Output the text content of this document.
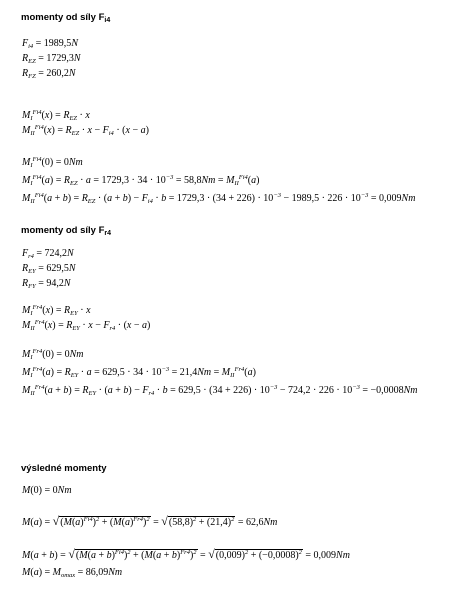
momenty od síly $F_{i4}$

$F_{i4} = 1989,5N$

$R_{EZ} = 1729,3N$

$R_{FZ} = 260,2N$

$M_I^{Fi4}(x) = R_{EZ} \cdot x$

$M_{II}^{Fi4}(x) = R_{EZ} \cdot x - F_{i4} \cdot (x - a)$

$M_I^{Fi4}(0) = 0Nm$

$M_I^{Fi4}(a) = R_{EZ} \cdot a = 1729,3 \cdot 34 \cdot 10^{-3} = 58,8Nm = M_{II}^{Fi4}(a)$

$M_{II}^{Fi4}(a + b) = R_{EZ} \cdot (a + b) - F_{i4} \cdot b = 1729,3 \cdot (34 + 226) \cdot 10^{-3} - 1989,5 \cdot 226 \cdot 10^{-3} = 0,009Nm$

momenty od síly $F_{r4}$

$F_{r4} = 724,2N$

$R_{EY} = 629,5N$

$R_{FY} = 94,2N$

$M_I^{Fr4}(x) = R_{EY} \cdot x$

$M_{II}^{Fr4}(x) = R_{EY} \cdot x - F_{r4} \cdot (x - a)$

$M_I^{Fr4}(0) = 0Nm$

$M_I^{Fr4}(a) = R_{EY} \cdot a = 629,5 \cdot 34 \cdot 10^{-3} = 21,4Nm = M_{II}^{Fr4}(a)$

$M_{II}^{Fr4}(a + b) = R_{EY} \cdot (a + b) - F_{r4} \cdot b = 629,5 \cdot (34 + 226) \cdot 10^{-3} - 724,2 \cdot 226 \cdot 10^{-3} = -0,0008Nm$

výsledné momenty

M(0) = 0Nm

$M(a) = √(M(a)^{Fi4})^2 + (M(a)^{Fr4})^2 = √(58,8)^2 + (21,4)^2 = 62,6Nm$

$M(a + b) = √(M(a + b)^{Fi4})^2 + (M(a + b)^{Fr4})^2 = √(0,009)^2 + (-0,0008)^2 = 0,009Nm$

$M(a) = M_{omax} = 86,09Nm$
